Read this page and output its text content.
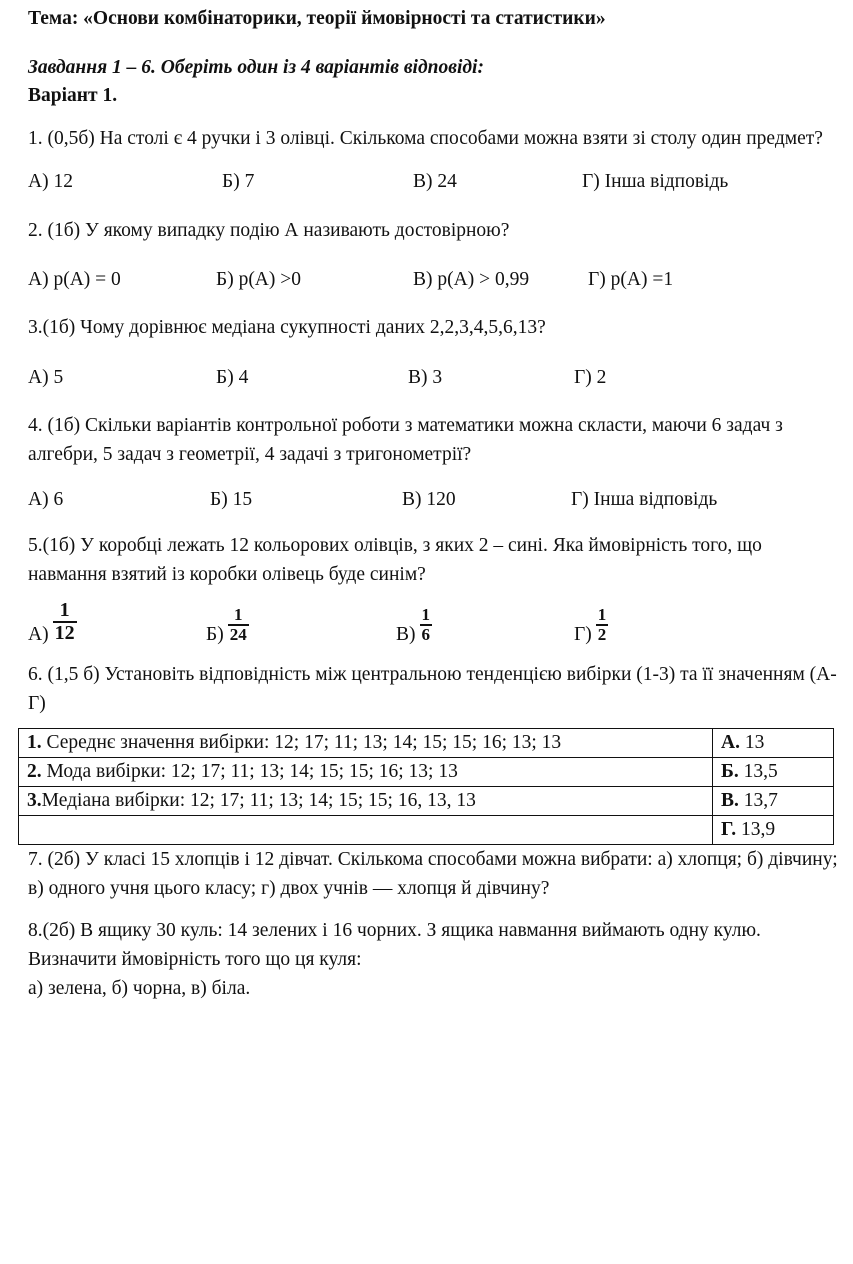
Тема: «Основи комбінаторики, теорії ймовірності та статистики»
Завдання 1 – 6. Оберіть один із 4 варіантів відповіді:
Варіант 1.
1. (0,5б) На столі є 4 ручки і 3 олівці. Скількома способами можна взяти зі столу один предмет?
А) 12	Б) 7	В) 24	Г) Інша відповідь
2. (1б) У якому випадку подію А називають достовірною?
А) p(A) = 0	Б) p(A) >0	В) p(A) > 0,99	Г) p(A) =1
3.(1б) Чому дорівнює медіана сукупності даних 2,2,3,4,5,6,13?
А) 5	Б) 4	В) 3	Г) 2
4. (1б) Скільки варіантів контрольної роботи з математики можна скласти, маючи 6 задач з алгебри, 5 задач з геометрії, 4 задачі з тригонометрії?
А) 6	Б) 15	В) 120	Г) Інша відповідь
5.(1б) У коробці лежать 12 кольорових олівців, з яких 2 – сині. Яка ймовірність того, що навмання взятий із коробки олівець буде синім?
$А) \frac{1}{12}$	$Б) \frac{1}{24}$	$В) \frac{1}{6}$	$Г) \frac{1}{2}$
6. (1,5 б) Установіть відповідність між центральною тенденцією вибірки (1-3) та її значенням (А-Г)
1. Середнє значення вибірки: 12; 17; 11; 13; 14; 15; 15; 16; 13; 13	А. 13
2. Мода вибірки: 12; 17; 11; 13; 14; 15; 15; 16; 13; 13	Б. 13,5
3.Медіана вибірки: 12; 17; 11; 13; 14; 15; 15; 16, 13, 13	В. 13,7
	Г. 13,9
7. (2б) У класі 15 хлопців і 12 дівчат. Скількома способами можна вибрати: а) хлопця; б) дівчину; в) одного учня цього класу; г) двох учнів — хлопця й дівчину?
8.(2б) В ящику 30 куль: 14 зелених і 16 чорних. З ящика навмання виймають одну кулю. Визначити ймовірність того що ця куля:
а) зелена, б) чорна, в) біла.
